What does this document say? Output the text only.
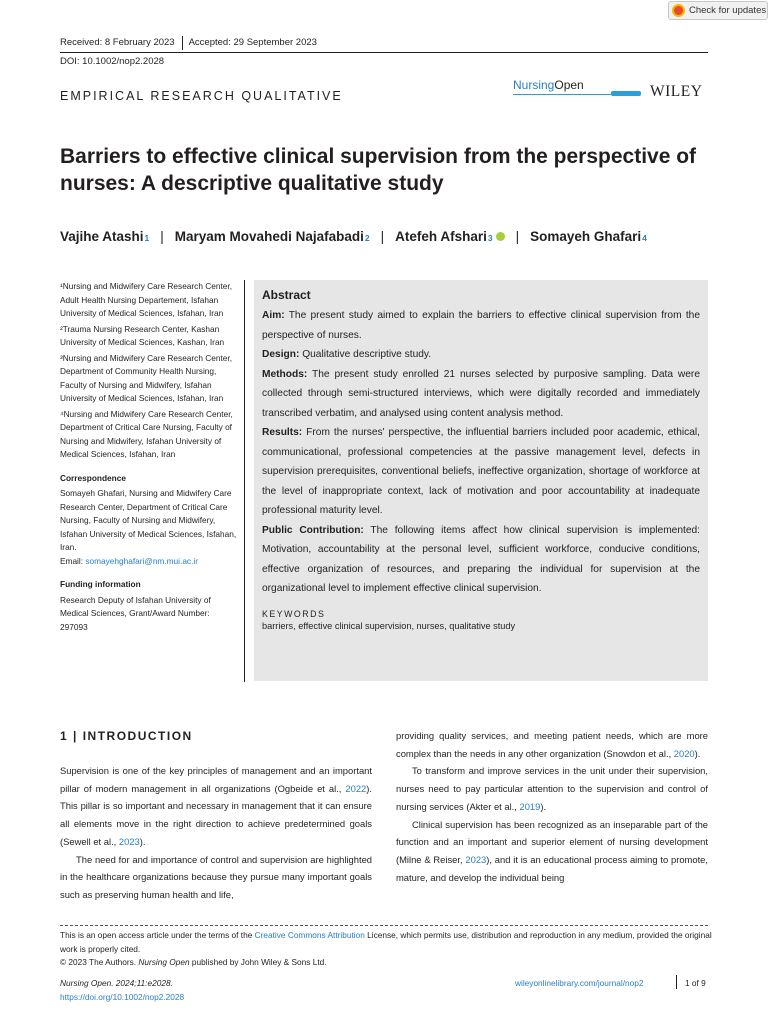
Check for updates
Received: 8 February 2023 Accepted: 29 September 2023
DOI: 10.1002/nop2.2028
EMPIRICAL RESEARCH QUALITATIVE
NursingOpen	WILEY
Barriers to effective clinical supervision from the perspective of nurses: A descriptive qualitative study
Vajihe Atashi 1 | Maryam Movahedi Najafabadi 2 | Atefeh Afshari 3 | Somayeh Ghafari 4

¹Nursing and Midwifery Care Research Center, Adult Health Nursing Departement, Isfahan University of Medical Sciences, Isfahan, Iran

²Trauma Nursing Research Center, Kashan University of Medical Sciences, Kashan, Iran

³Nursing and Midwifery Care Research Center, Department of Community Health Nursing, Faculty of Nursing and Midwifery, Isfahan University of Medical Sciences, Isfahan, Iran

⁴Nursing and Midwifery Care Research Center, Department of Critical Care Nursing, Faculty of Nursing and Midwifery, Isfahan University of Medical Sciences, Isfahan, Iran

Correspondence

Somayeh Ghafari, Nursing and Midwifery Care Research Center, Department of Critical Care Nursing, Faculty of Nursing and Midwifery, Isfahan University of Medical Sciences, Isfahan, Iran.
Email: somayehghafari@nm.mui.ac.ir

Funding information

Research Deputy of Isfahan University of Medical Sciences, Grant/Award Number: 297093

Abstract
Aim: The present study aimed to explain the barriers to effective clinical supervision from the perspective of nurses.
Design: Qualitative descriptive study.
Methods: The present study enrolled 21 nurses selected by purposive sampling. Data were collected through semi-structured interviews, which were digitally recorded and immediately transcribed verbatim, and analysed using content analysis method.
Results: From the nurses' perspective, the influential barriers included poor academic, ethical, communicational, professional competencies at the passive management level, defects in supervision prerequisites, conventional beliefs, ineffective organization, shortage of workforce at the level of inappropriate context, lack of motivation and poor accountability at inadequate professional maturity level.
Public Contribution: The following items affect how clinical supervision is implemented: Motivation, accountability at the personal level, sufficient workforce, conducive conditions, effective organization of resources, and preparing the individual for supervision at the organizational level to implement effective clinical supervision.
KEYWORDS
barriers, effective clinical supervision, nurses, qualitative study
1 | INTRODUCTION

Supervision is one of the key principles of management and an important pillar of modern management in all organizations (Ogbeide et al., 2022). This pillar is so important and necessary in management that it can ensure all elements move in the right direction to achieve predetermined goals (Sewell et al., 2023).

The need for and importance of control and supervision are highlighted in the healthcare organizations because they pursue many important goals such as preserving human health and life,

providing quality services, and meeting patient needs, which are more complex than the needs in any other organization (Snowdon et al., 2020).

To transform and improve services in the unit under their supervision, nurses need to pay particular attention to the supervision and control of nursing services (Akter et al., 2019).

Clinical supervision has been recognized as an inseparable part of the function and an important and superior element of nursing development (Milne & Reiser, 2023), and it is an educational process aiming to promote, mature, and develop the individual being

This is an open access article under the terms of the Creative Commons Attribution License, which permits use, distribution and reproduction in any medium, provided the original work is properly cited.
© 2023 The Authors. Nursing Open published by John Wiley & Sons Ltd.
Nursing Open. 2024;11:e2028.
https://doi.org/10.1002/nop2.2028
wileyonlinelibrary.com/journal/nop2	1 of 9
